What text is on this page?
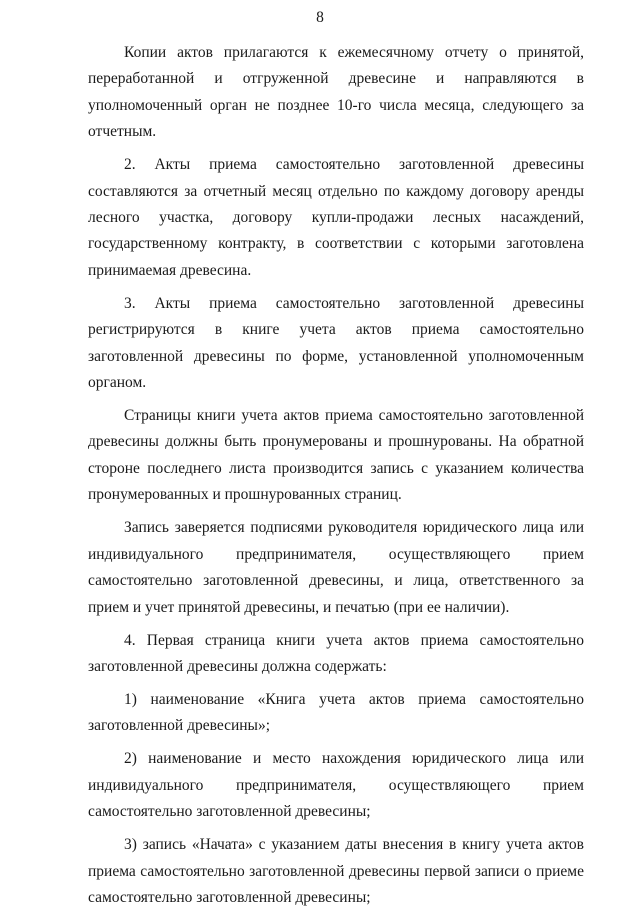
8

Копии актов прилагаются к ежемесячному отчету о принятой, переработанной и отгруженной древесине и направляются в уполномоченный орган не позднее 10-го числа месяца, следующего за отчетным.

2. Акты приема самостоятельно заготовленной древесины составляются за отчетный месяц отдельно по каждому договору аренды лесного участка, договору купли-продажи лесных насаждений, государственному контракту, в соответствии с которыми заготовлена принимаемая древесина.

3. Акты приема самостоятельно заготовленной древесины регистрируются в книге учета актов приема самостоятельно заготовленной древесины по форме, установленной уполномоченным органом.

Страницы книги учета актов приема самостоятельно заготовленной древесины должны быть пронумерованы и прошнурованы. На обратной стороне последнего листа производится запись с указанием количества пронумерованных и прошнурованных страниц.

Запись заверяется подписями руководителя юридического лица или индивидуального предпринимателя, осуществляющего прием самостоятельно заготовленной древесины, и лица, ответственного за прием и учет принятой древесины, и печатью (при ее наличии).

4. Первая страница книги учета актов приема самостоятельно заготовленной древесины должна содержать:

1) наименование «Книга учета актов приема самостоятельно заготовленной древесины»;

2) наименование и место нахождения юридического лица или индивидуального предпринимателя, осуществляющего прием самостоятельно заготовленной древесины;

3) запись «Начата» с указанием даты внесения в книгу учета актов приема самостоятельно заготовленной древесины первой записи о приеме самостоятельно заготовленной древесины;
